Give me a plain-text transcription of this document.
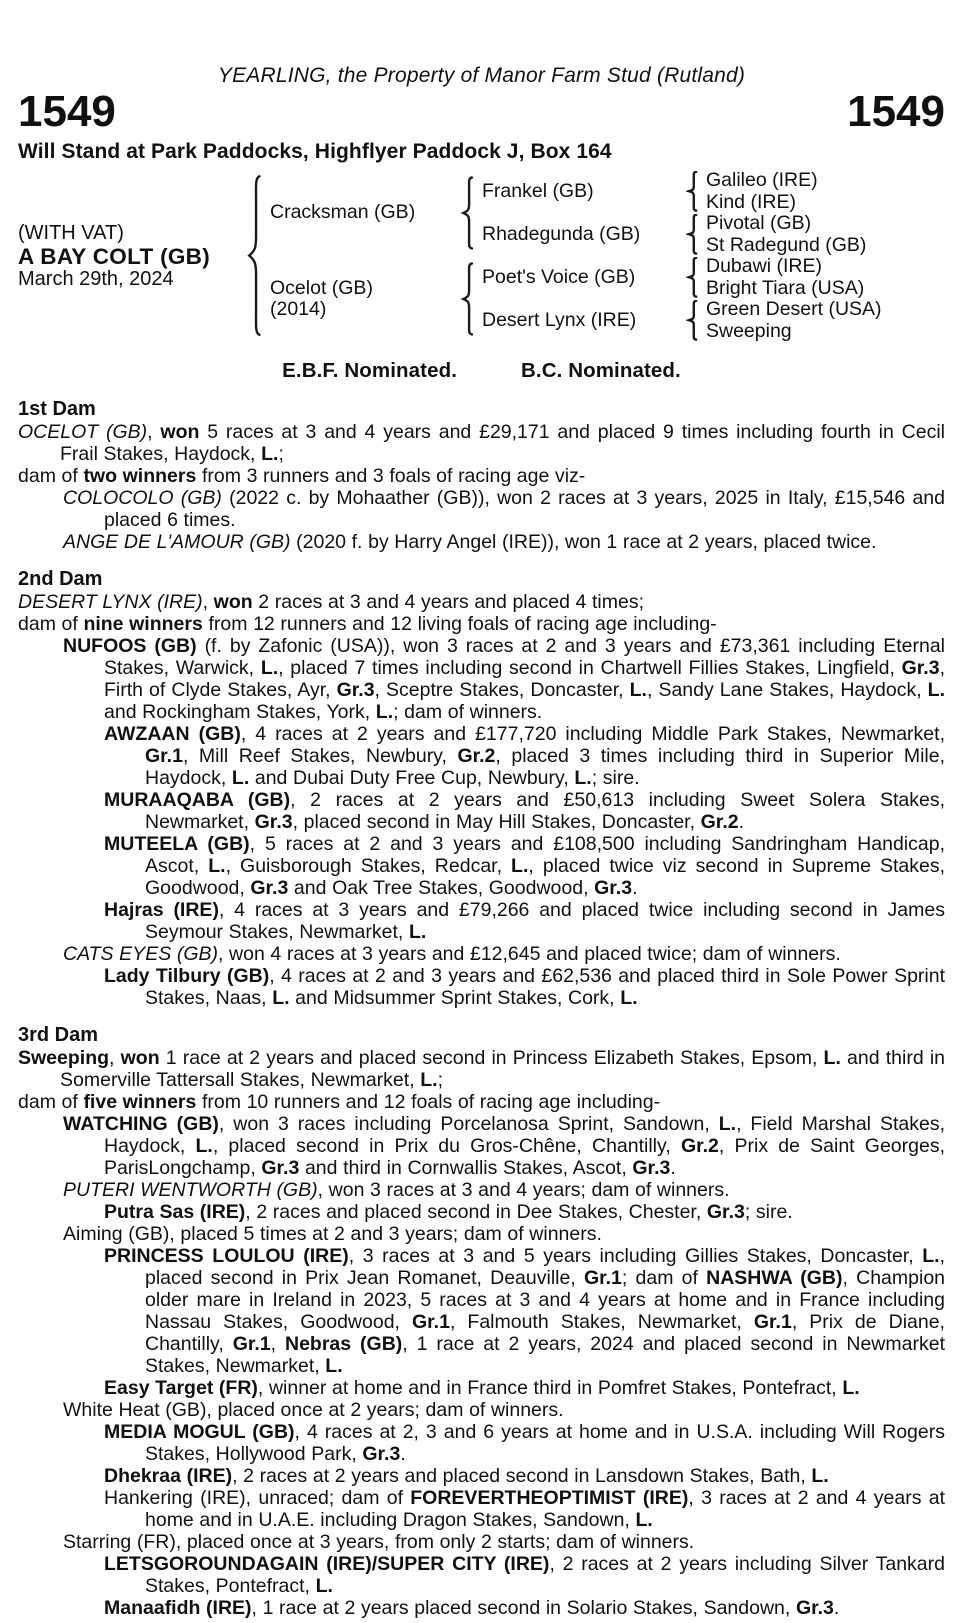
YEARLING, the Property of Manor Farm Stud (Rutland)
1549	1549
Will Stand at Park Paddocks, Highflyer Paddock J, Box 164
(WITH VAT)
A BAY COLT (GB)
March 29th, 2024
Cracksman (GB)
Ocelot (GB)
(2014)
Frankel (GB)
Rhadegunda (GB)
Poet's Voice (GB)
Desert Lynx (IRE)
Galileo (IRE)
Kind (IRE)
Pivotal (GB)
St Radegund (GB)
Dubawi (IRE)
Bright Tiara (USA)
Green Desert (USA)
Sweeping
E.B.F. Nominated.	B.C. Nominated.
1st Dam
OCELOT (GB), won 5 races at 3 and 4 years and £29,171 and placed 9 times including fourth in Cecil Frail Stakes, Haydock, L.;
dam of two winners from 3 runners and 3 foals of racing age viz-
COLOCOLO (GB) (2022 c. by Mohaather (GB)), won 2 races at 3 years, 2025 in Italy, £15,546 and placed 6 times.
ANGE DE L'AMOUR (GB) (2020 f. by Harry Angel (IRE)), won 1 race at 2 years, placed twice.
2nd Dam
DESERT LYNX (IRE), won 2 races at 3 and 4 years and placed 4 times;
dam of nine winners from 12 runners and 12 living foals of racing age including-
NUFOOS (GB) (f. by Zafonic (USA)), won 3 races at 2 and 3 years and £73,361 including Eternal Stakes, Warwick, L., placed 7 times including second in Chartwell Fillies Stakes, Lingfield, Gr.3, Firth of Clyde Stakes, Ayr, Gr.3, Sceptre Stakes, Doncaster, L., Sandy Lane Stakes, Haydock, L. and Rockingham Stakes, York, L.; dam of winners.
AWZAAN (GB), 4 races at 2 years and £177,720 including Middle Park Stakes, Newmarket, Gr.1, Mill Reef Stakes, Newbury, Gr.2, placed 3 times including third in Superior Mile, Haydock, L. and Dubai Duty Free Cup, Newbury, L.; sire.
MURAAQABA (GB), 2 races at 2 years and £50,613 including Sweet Solera Stakes, Newmarket, Gr.3, placed second in May Hill Stakes, Doncaster, Gr.2.
MUTEELA (GB), 5 races at 2 and 3 years and £108,500 including Sandringham Handicap, Ascot, L., Guisborough Stakes, Redcar, L., placed twice viz second in Supreme Stakes, Goodwood, Gr.3 and Oak Tree Stakes, Goodwood, Gr.3.
Hajras (IRE), 4 races at 3 years and £79,266 and placed twice including second in James Seymour Stakes, Newmarket, L.
CATS EYES (GB), won 4 races at 3 years and £12,645 and placed twice; dam of winners.
Lady Tilbury (GB), 4 races at 2 and 3 years and £62,536 and placed third in Sole Power Sprint Stakes, Naas, L. and Midsummer Sprint Stakes, Cork, L.
3rd Dam
Sweeping, won 1 race at 2 years and placed second in Princess Elizabeth Stakes, Epsom, L. and third in Somerville Tattersall Stakes, Newmarket, L.;
dam of five winners from 10 runners and 12 foals of racing age including-
WATCHING (GB), won 3 races including Porcelanosa Sprint, Sandown, L., Field Marshal Stakes, Haydock, L., placed second in Prix du Gros-Chêne, Chantilly, Gr.2, Prix de Saint Georges, ParisLongchamp, Gr.3 and third in Cornwallis Stakes, Ascot, Gr.3.
PUTERI WENTWORTH (GB), won 3 races at 3 and 4 years; dam of winners.
Putra Sas (IRE), 2 races and placed second in Dee Stakes, Chester, Gr.3; sire.
Aiming (GB), placed 5 times at 2 and 3 years; dam of winners.
PRINCESS LOULOU (IRE), 3 races at 3 and 5 years including Gillies Stakes, Doncaster, L., placed second in Prix Jean Romanet, Deauville, Gr.1; dam of NASHWA (GB), Champion older mare in Ireland in 2023, 5 races at 3 and 4 years at home and in France including Nassau Stakes, Goodwood, Gr.1, Falmouth Stakes, Newmarket, Gr.1, Prix de Diane, Chantilly, Gr.1, Nebras (GB), 1 race at 2 years, 2024 and placed second in Newmarket Stakes, Newmarket, L.
Easy Target (FR), winner at home and in France third in Pomfret Stakes, Pontefract, L.
White Heat (GB), placed once at 2 years; dam of winners.
MEDIA MOGUL (GB), 4 races at 2, 3 and 6 years at home and in U.S.A. including Will Rogers Stakes, Hollywood Park, Gr.3.
Dhekraa (IRE), 2 races at 2 years and placed second in Lansdown Stakes, Bath, L.
Hankering (IRE), unraced; dam of FOREVERTHEOPTIMIST (IRE), 3 races at 2 and 4 years at home and in U.A.E. including Dragon Stakes, Sandown, L.
Starring (FR), placed once at 3 years, from only 2 starts; dam of winners.
LETSGOROUNDAGAIN (IRE)/SUPER CITY (IRE), 2 races at 2 years including Silver Tankard Stakes, Pontefract, L.
Manaafidh (IRE), 1 race at 2 years placed second in Solario Stakes, Sandown, Gr.3.
